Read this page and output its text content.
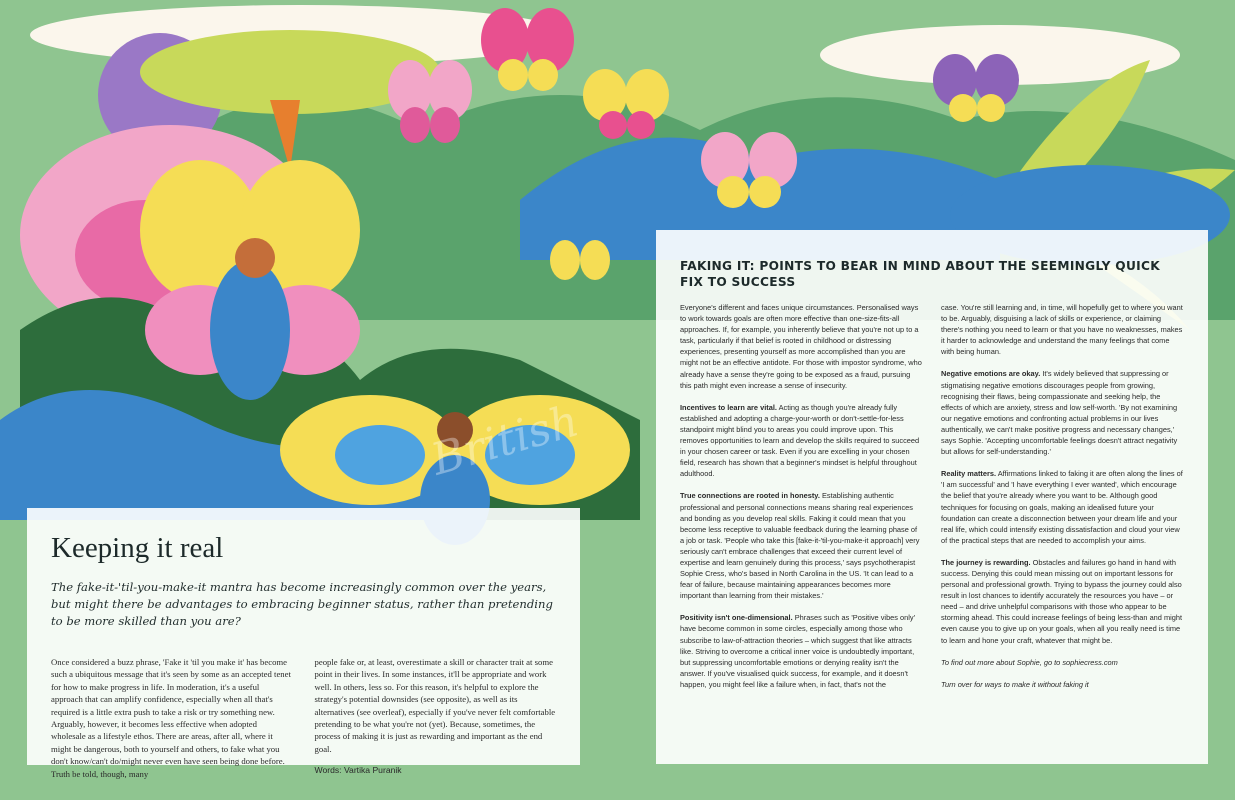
British
Keeping it real

The fake-it-'til-you-make-it mantra has become increasingly common over the years, but might there be advantages to embracing beginner status, rather than pretending to be more skilled than you are?

Once considered a buzz phrase, 'Fake it 'til you make it' has become such a ubiquitous message that it's seen by some as an accepted tenet for how to make progress in life. In moderation, it's a useful approach that can amplify confidence, especially when all that's required is a little extra push to take a risk or try something new. Arguably, however, it becomes less effective when adopted wholesale as a lifestyle ethos. There are areas, after all, where it might be dangerous, both to yourself and others, to fake what you don't know/can't do/might never even have seen being done before. Truth be told, though, many

people fake or, at least, overestimate a skill or character trait at some point in their lives. In some instances, it'll be appropriate and work well. In others, less so. For this reason, it's helpful to explore the strategy's potential downsides (see opposite), as well as its alternatives (see overleaf), especially if you've never felt comfortable pretending to be what you're not (yet). Because, sometimes, the process of making it is just as rewarding and important as the end goal.

Words: Vartika Puranik
FAKING IT: POINTS TO BEAR IN MIND ABOUT THE SEEMINGLY QUICK FIX TO SUCCESS

Everyone's different and faces unique circumstances. Personalised ways to work towards goals are often more effective than one-size-fits-all approaches. If, for example, you inherently believe that you're not up to a task, particularly if that belief is rooted in childhood or distressing experiences, presenting yourself as more accomplished than you are might not be an effective antidote. For those with impostor syndrome, who already have a sense they're going to be exposed as a fraud, pursuing this path might even increase a sense of insecurity.

Incentives to learn are vital. Acting as though you're already fully established and adopting a charge-your-worth or don't-settle-for-less standpoint might blind you to areas you could improve upon. This removes opportunities to learn and develop the skills required to succeed in your chosen career or task. Even if you are excelling in your chosen field, research has shown that a beginner's mindset is helpful throughout adulthood.

True connections are rooted in honesty. Establishing authentic professional and personal connections means sharing real experiences and bonding as you develop real skills. Faking it could mean that you become less receptive to valuable feedback during the learning phase of a job or task. 'People who take this [fake-it-'til-you-make-it approach] very seriously can't embrace challenges that exceed their current level of expertise and learn genuinely during this process,' says psychotherapist Sophie Cress, who's based in North Carolina in the US. 'It can lead to a fear of failure, because maintaining appearances becomes more important than learning from their mistakes.'

Positivity isn't one-dimensional. Phrases such as 'Positive vibes only' have become common in some circles, especially among those who subscribe to law-of-attraction theories – which suggest that like attracts like. Striving to overcome a critical inner voice is undoubtedly important, but suppressing uncomfortable emotions or denying reality isn't the answer. If you've visualised quick success, for example, and it doesn't happen, you might feel like a failure when, in fact, that's not the

case. You're still learning and, in time, will hopefully get to where you want to be. Arguably, disguising a lack of skills or experience, or claiming there's nothing you need to learn or that you have no weaknesses, makes it harder to acknowledge and understand the many feelings that come with being human.

Negative emotions are okay. It's widely believed that suppressing or stigmatising negative emotions discourages people from growing, recognising their flaws, being compassionate and seeking help, the effects of which are anxiety, stress and low self-worth. 'By not examining our negative emotions and confronting actual problems in our lives authentically, we can't make positive progress and necessary changes,' says Sophie. 'Accepting uncomfortable feelings doesn't attract negativity but allows for self-understanding.'

Reality matters. Affirmations linked to faking it are often along the lines of 'I am successful' and 'I have everything I ever wanted', which encourage the belief that you're already where you want to be. Although good techniques for focusing on goals, making an idealised future your foundation can create a disconnection between your dream life and your real life, which could intensify existing dissatisfaction and cloud your view of the practical steps that are needed to accomplish your aims.

The journey is rewarding. Obstacles and failures go hand in hand with success. Denying this could mean missing out on important lessons for personal and professional growth. Trying to bypass the journey could also result in lost chances to identify accurately the resources you have – or need – and drive unhelpful comparisons with those who appear to be storming ahead. This could increase feelings of being less-than and might even cause you to give up on your goals, when all you really need is time to learn and hone your craft, whatever that might be.

To find out more about Sophie, go to sophiecress.com

Turn over for ways to make it without faking it
